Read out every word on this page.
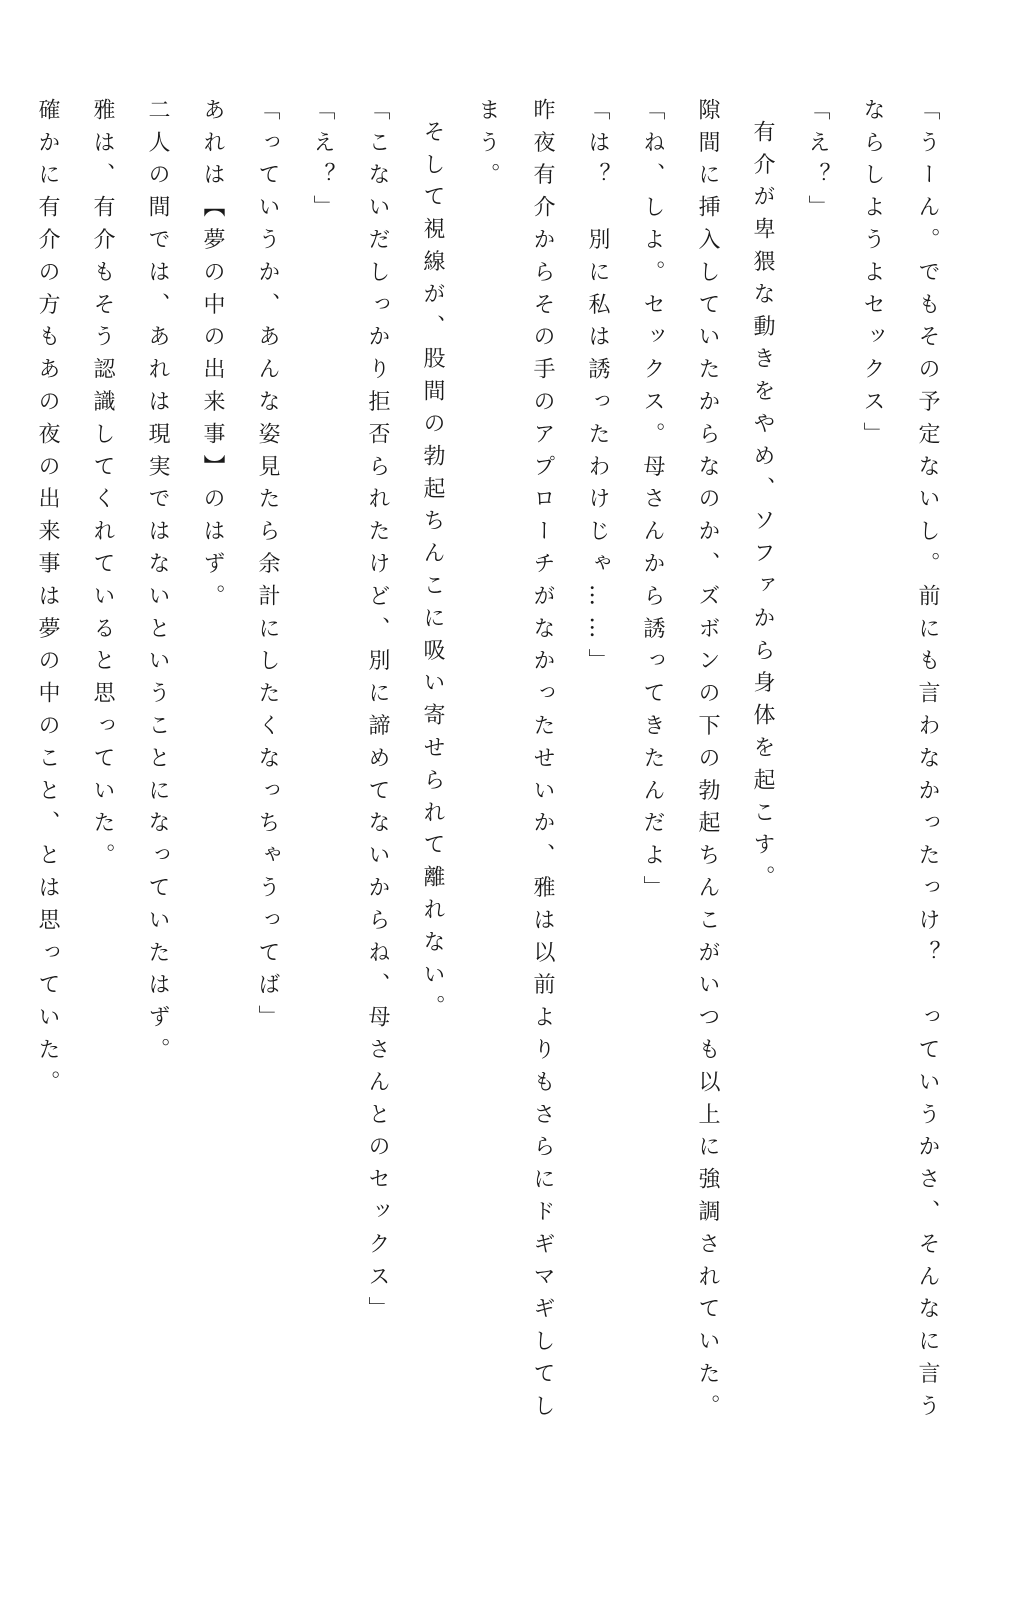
「うーん。でもその予定ないし。前にも言わなかったっけ？　っていうかさ、そんなに言うならしようよセックス」

「え？」

有介が卑猥な動きをやめ、ソファから身体を起こす。

隙間に挿入していたからなのか、ズボンの下の勃起ちんこがいつも以上に強調されていた。

「ね、しよ。セックス。母さんから誘ってきたんだよ」

「は？　別に私は誘ったわけじゃ……」

昨夜有介からその手のアプローチがなかったせいか、雅は以前よりもさらにドギマギしてしまう。

そして視線が、股間の勃起ちんこに吸い寄せられて離れない。

「こないだしっかり拒否られたけど、別に諦めてないからね、母さんとのセックス」

「え？」

「っていうか、あんな姿見たら余計にしたくなっちゃうってば」

あれは【夢の中の出来事】のはず。

二人の間では、あれは現実ではないということになっていたはず。

雅は、有介もそう認識してくれていると思っていた。

確かに有介の方もあの夜の出来事は夢の中のこと、とは思っていた。
